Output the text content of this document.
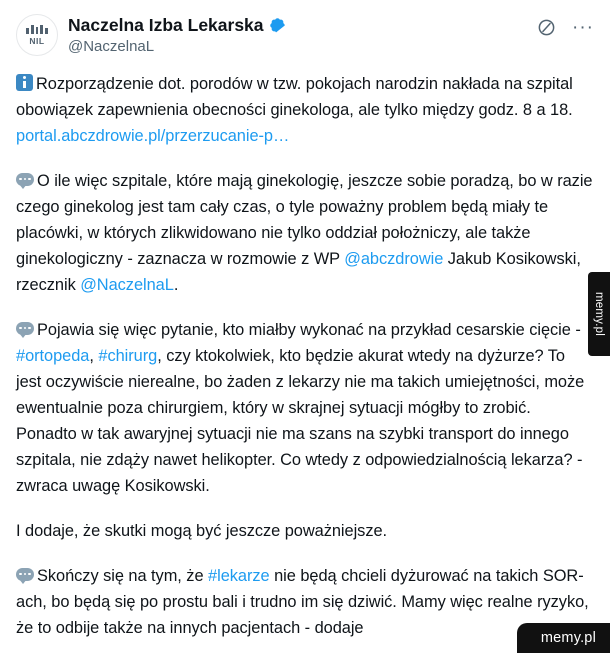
NIL
Naczelna Izba Lekarska
@NaczelnaL
···

Rozporządzenie dot. porodów w tzw. pokojach narodzin nakłada na szpital obowiązek zapewnienia obecności ginekologa, ale tylko między godz. 8 a 18.
portal.abczdrowie.pl/przerzucanie-p…

O ile więc szpitale, które mają ginekologię, jeszcze sobie poradzą, bo w razie czego ginekolog jest tam cały czas, o tyle poważny problem będą miały te placówki, w których zlikwidowano nie tylko oddział położniczy, ale także ginekologiczny - zaznacza w rozmowie z WP @abczdrowie Jakub Kosikowski, rzecznik @NaczelnaL.

Pojawia się więc pytanie, kto miałby wykonać na przykład cesarskie cięcie - #ortopeda, #chirurg, czy ktokolwiek, kto będzie akurat wtedy na dyżurze? To jest oczywiście nierealne, bo żaden z lekarzy nie ma takich umiejętności, może ewentualnie poza chirurgiem, który w skrajnej sytuacji mógłby to zrobić. Ponadto w tak awaryjnej sytuacji nie ma szans na szybki transport do innego szpitala, nie zdąży nawet helikopter. Co wtedy z odpowiedzialnością lekarza? - zwraca uwagę Kosikowski.

I dodaje, że skutki mogą być jeszcze poważniejsze.

Skończy się na tym, że #lekarze nie będą chcieli dyżurować na takich SOR-ach, bo będą się po prostu bali i trudno im się dziwić. Mamy więc realne ryzyko, że to odbije także na innych pacjentach - dodaje

memy.pl
memy.pl
